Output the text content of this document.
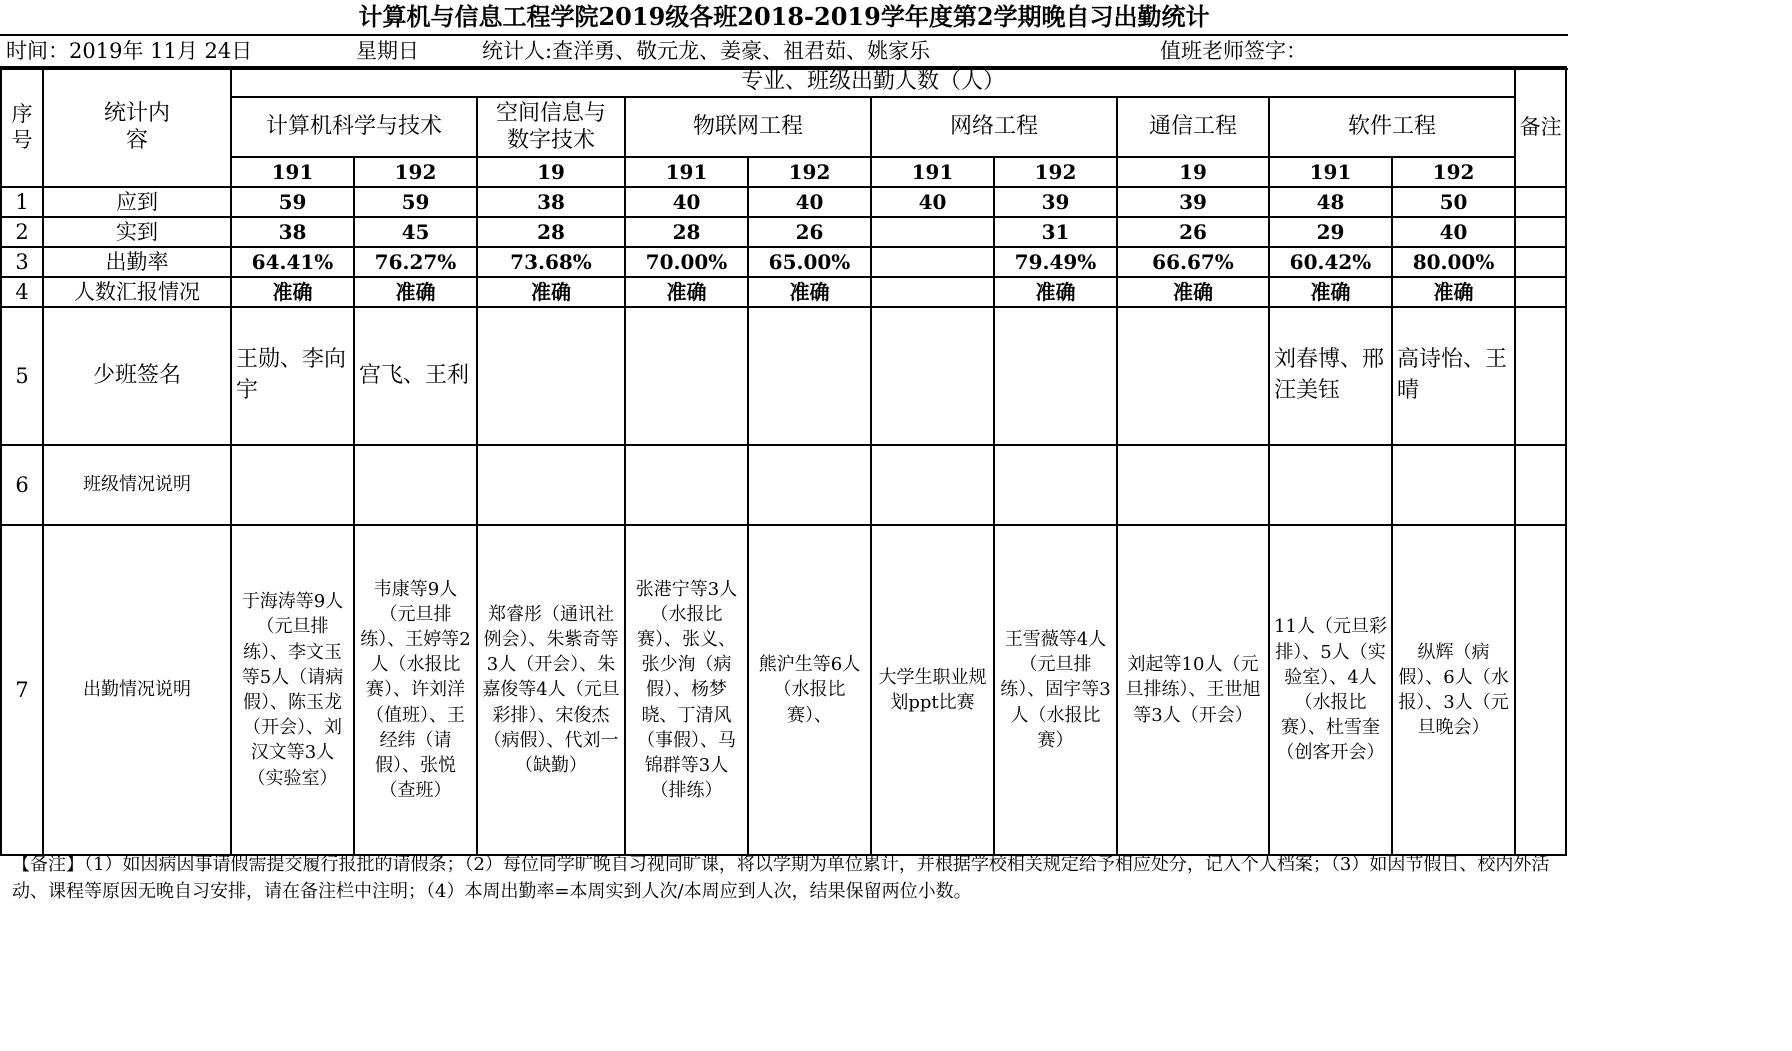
计算机与信息工程学院2019级各班2018-2019学年度第2学期晚自习出勤统计
时间：2019年 11月 24日	星期日	统计人:查洋勇、敬元龙、姜豪、祖君茹、姚家乐	值班老师签字：
序号	统计内容	专业、班级出勤人数（人）										备注
		计算机科学与技术		空间信息与数字技术	物联网工程		网络工程		通信工程	软件工程		
		191	192	19	191	192	191	192	19	191	192	
1	应到	59	59	38	40	40	40	39	39	48	50	
2	实到	38	45	28	28	26		31	26	29	40	
3	出勤率	64.41%	76.27%	73.68%	70.00%	65.00%		79.49%	66.67%	60.42%	80.00%	
4	人数汇报情况	准确	准确	准确	准确	准确		准确	准确	准确	准确	
5	少班签名	王勋、李向宇	宫飞、王利							刘春博、邢汪美钰	高诗怡、王晴	
6	班级情况说明											
7	出勤情况说明	于海涛等9人（元旦排练）、李文玉等5人（请病假）、陈玉龙（开会）、刘汉文等3人（实验室）	韦康等9人（元旦排练）、王婷等2人（水报比赛）、许刘洋（值班）、王经纬（请假）、张悦（查班）	郑睿彤（通讯社例会）、朱紫奇等3人（开会）、朱嘉俊等4人（元旦彩排）、宋俊杰（病假）、代刘一（缺勤）	张港宁等3人（水报比赛）、张义、张少洵（病假）、杨梦晓、丁清风（事假）、马锦群等3人（排练）	熊沪生等6人（水报比赛）、	大学生职业规划ppt比赛	王雪薇等4人（元旦排练）、固宇等3人（水报比赛）	刘起等10人（元旦排练）、王世旭等3人（开会）	11人（元旦彩排）、5人（实验室）、4人（水报比赛）、杜雪奎（创客开会）	纵辉（病假）、6人（水报）、3人（元旦晚会）	
【备注】（1）如因病因事请假需提交履行报批的请假条；（2）每位同学旷晚自习视同旷课，将以学期为单位累计，并根据学校相关规定给予相应处分，记入个人档案；（3）如因节假日、校内外活动、课程等原因无晚自习安排，请在备注栏中注明；（4）本周出勤率=本周实到人次/本周应到人次，结果保留两位小数。
